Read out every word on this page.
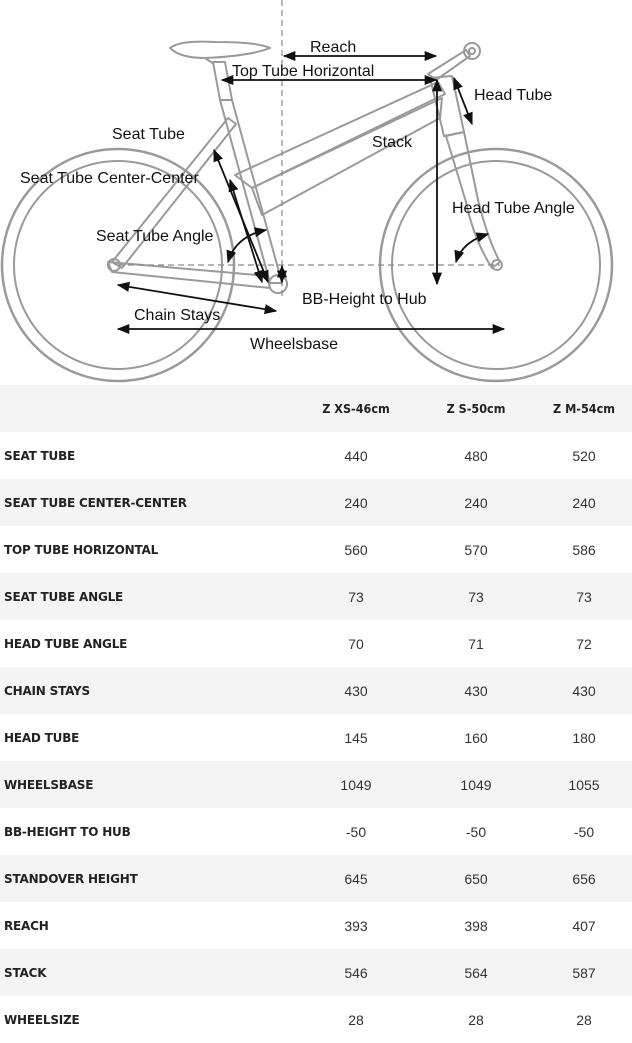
Reach
Top Tube Horizontal
Head Tube
Seat Tube	Stack
Seat Tube Center-Center
Head Tube Angle
Seat Tube Angle
BB-Height to Hub
Chain Stays
Wheelsbase
	Z XS-46cm	Z S-50cm	Z M-54cm
SEAT TUBE	440	480	520
SEAT TUBE CENTER-CENTER	240	240	240
TOP TUBE HORIZONTAL	560	570	586
SEAT TUBE ANGLE	73	73	73
HEAD TUBE ANGLE	70	71	72
CHAIN STAYS	430	430	430
HEAD TUBE	145	160	180
WHEELSBASE	1049	1049	1055
BB-HEIGHT TO HUB	-50	-50	-50
STANDOVER HEIGHT	645	650	656
REACH	393	398	407
STACK	546	564	587
WHEELSIZE	28	28	28
